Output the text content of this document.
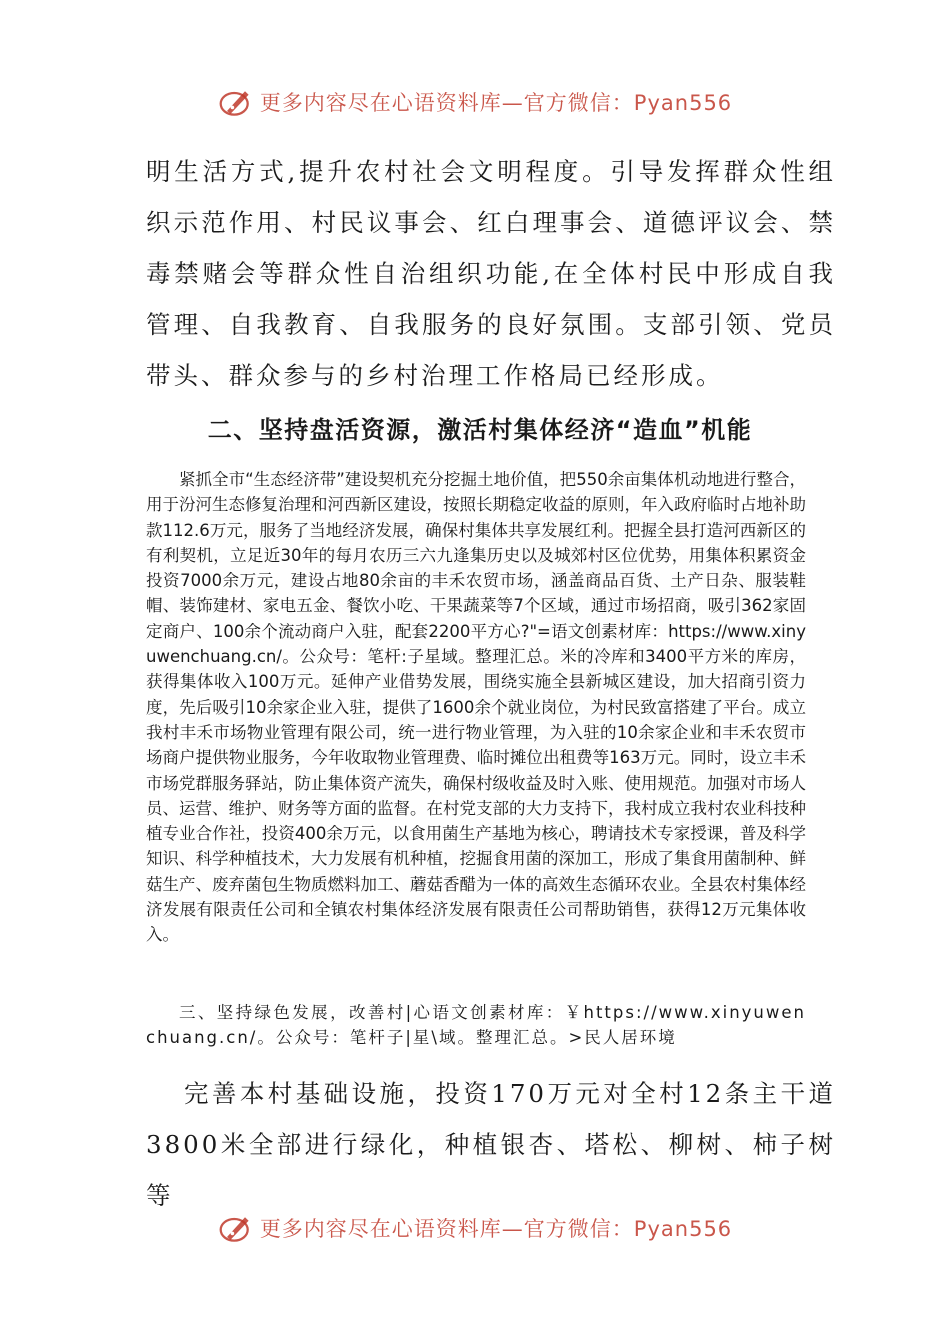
更多内容尽在心语资料库—官方微信：Pyan556

明生活方式,提升农村社会文明程度。引导发挥群众性组织示范作用、村民议事会、红白理事会、道德评议会、禁毒禁赌会等群众性自治组织功能,在全体村民中形成自我管理、自我教育、自我服务的良好氛围。支部引领、党员带头、群众参与的乡村治理工作格局已经形成。

二、坚持盘活资源，激活村集体经济“造血”机能

紧抓全市“生态经济带”建设契机充分挖掘土地价值，把550余亩集体机动地进行整合，用于汾河生态修复治理和河西新区建设，按照长期稳定收益的原则，年入政府临时占地补助款112.6万元，服务了当地经济发展，确保村集体共享发展红利。把握全县打造河西新区的有利契机，立足近30年的每月农历三六九逢集历史以及城郊村区位优势，用集体积累资金投资7000余万元，建设占地80余亩的丰禾农贸市场，涵盖商品百货、土产日杂、服装鞋帽、装饰建材、家电五金、餐饮小吃、干果蔬菜等7个区域，通过市场招商，吸引362家固定商户、100余个流动商户入驻，配套2200平方心?"=语文创素材库：https://www.xinyuwenchuang.cn/。公众号：笔杆:子星域。整理汇总。米的冷库和3400平方米的库房，获得集体收入100万元。延伸产业借势发展，围绕实施全县新城区建设，加大招商引资力度，先后吸引10余家企业入驻，提供了1600余个就业岗位，为村民致富搭建了平台。成立我村丰禾市场物业管理有限公司，统一进行物业管理，为入驻的10余家企业和丰禾农贸市场商户提供物业服务，今年收取物业管理费、临时摊位出租费等163万元。同时，设立丰禾市场党群服务驿站，防止集体资产流失，确保村级收益及时入账、使用规范。加强对市场人员、运营、维护、财务等方面的监督。在村党支部的大力支持下，我村成立我村农业科技种植专业合作社，投资400余万元，以食用菌生产基地为核心，聘请技术专家授课，普及科学知识、科学种植技术，大力发展有机种植，挖掘食用菌的深加工，形成了集食用菌制种、鲜菇生产、废弃菌包生物质燃料加工、蘑菇香醋为一体的高效生态循环农业。全县农村集体经济发展有限责任公司和全镇农村集体经济发展有限责任公司帮助销售，获得12万元集体收入。

三、坚持绿色发展，改善村|心语文创素材库：￥https://www.xinyuwenchuang.cn/。公众号：笔杆子|星\域。整理汇总。>民人居环境

完善本村基础设施，投资170万元对全村12条主干道3800米全部进行绿化，种植银杏、塔松、柳树、柿子树等

更多内容尽在心语资料库—官方微信：Pyan556
